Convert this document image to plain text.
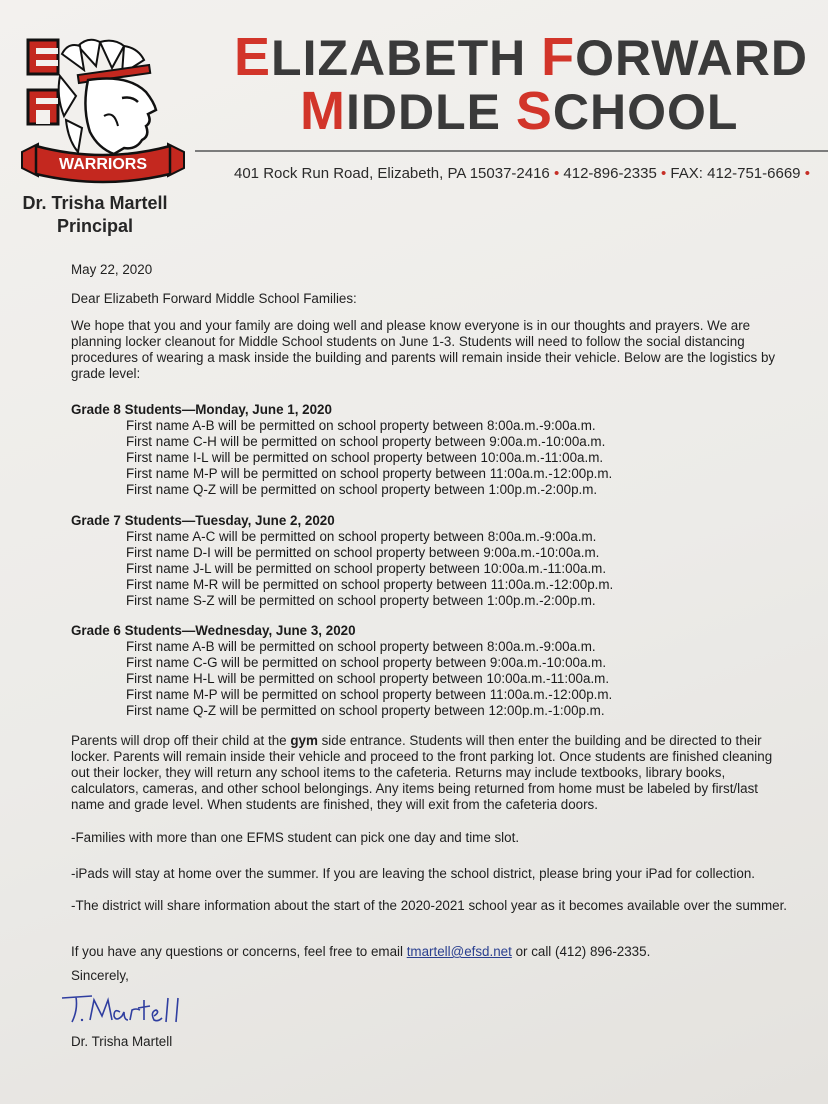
WARRIORS
ELIZABETH FORWARD
MIDDLE SCHOOL
401 Rock Run Road, Elizabeth, PA 15037-2416 • 412-896-2335 • FAX: 412-751-6669 •
Dr. Trisha Martell
Principal
May 22, 2020
Dear Elizabeth Forward Middle School Families:
We hope that you and your family are doing well and please know everyone is in our thoughts and prayers. We are planning locker cleanout for Middle School students on June 1-3. Students will need to follow the social distancing procedures of wearing a mask inside the building and parents will remain inside their vehicle. Below are the logistics by grade level:
Grade 8 Students—Monday, June 1, 2020
First name A-B will be permitted on school property between 8:00a.m.-9:00a.m.
First name C-H will be permitted on school property between 9:00a.m.-10:00a.m.
First name I-L will be permitted on school property between 10:00a.m.-11:00a.m.
First name M-P will be permitted on school property between 11:00a.m.-12:00p.m.
First name Q-Z will be permitted on school property between 1:00p.m.-2:00p.m.
Grade 7 Students—Tuesday, June 2, 2020
First name A-C will be permitted on school property between 8:00a.m.-9:00a.m.
First name D-I will be permitted on school property between 9:00a.m.-10:00a.m.
First name J-L will be permitted on school property between 10:00a.m.-11:00a.m.
First name M-R will be permitted on school property between 11:00a.m.-12:00p.m.
First name S-Z will be permitted on school property between 1:00p.m.-2:00p.m.
Grade 6 Students—Wednesday, June 3, 2020
First name A-B will be permitted on school property between 8:00a.m.-9:00a.m.
First name C-G will be permitted on school property between 9:00a.m.-10:00a.m.
First name H-L will be permitted on school property between 10:00a.m.-11:00a.m.
First name M-P will be permitted on school property between 11:00a.m.-12:00p.m.
First name Q-Z will be permitted on school property between 12:00p.m.-1:00p.m.
Parents will drop off their child at the gym side entrance. Students will then enter the building and be directed to their locker. Parents will remain inside their vehicle and proceed to the front parking lot. Once students are finished cleaning out their locker, they will return any school items to the cafeteria. Returns may include textbooks, library books, calculators, cameras, and other school belongings. Any items being returned from home must be labeled by first/last name and grade level. When students are finished, they will exit from the cafeteria doors.
-Families with more than one EFMS student can pick one day and time slot.
-iPads will stay at home over the summer. If you are leaving the school district, please bring your iPad for collection.
-The district will share information about the start of the 2020-2021 school year as it becomes available over the summer.
If you have any questions or concerns, feel free to email tmartell@efsd.net or call (412) 896-2335.
Sincerely,
Dr. Trisha Martell
